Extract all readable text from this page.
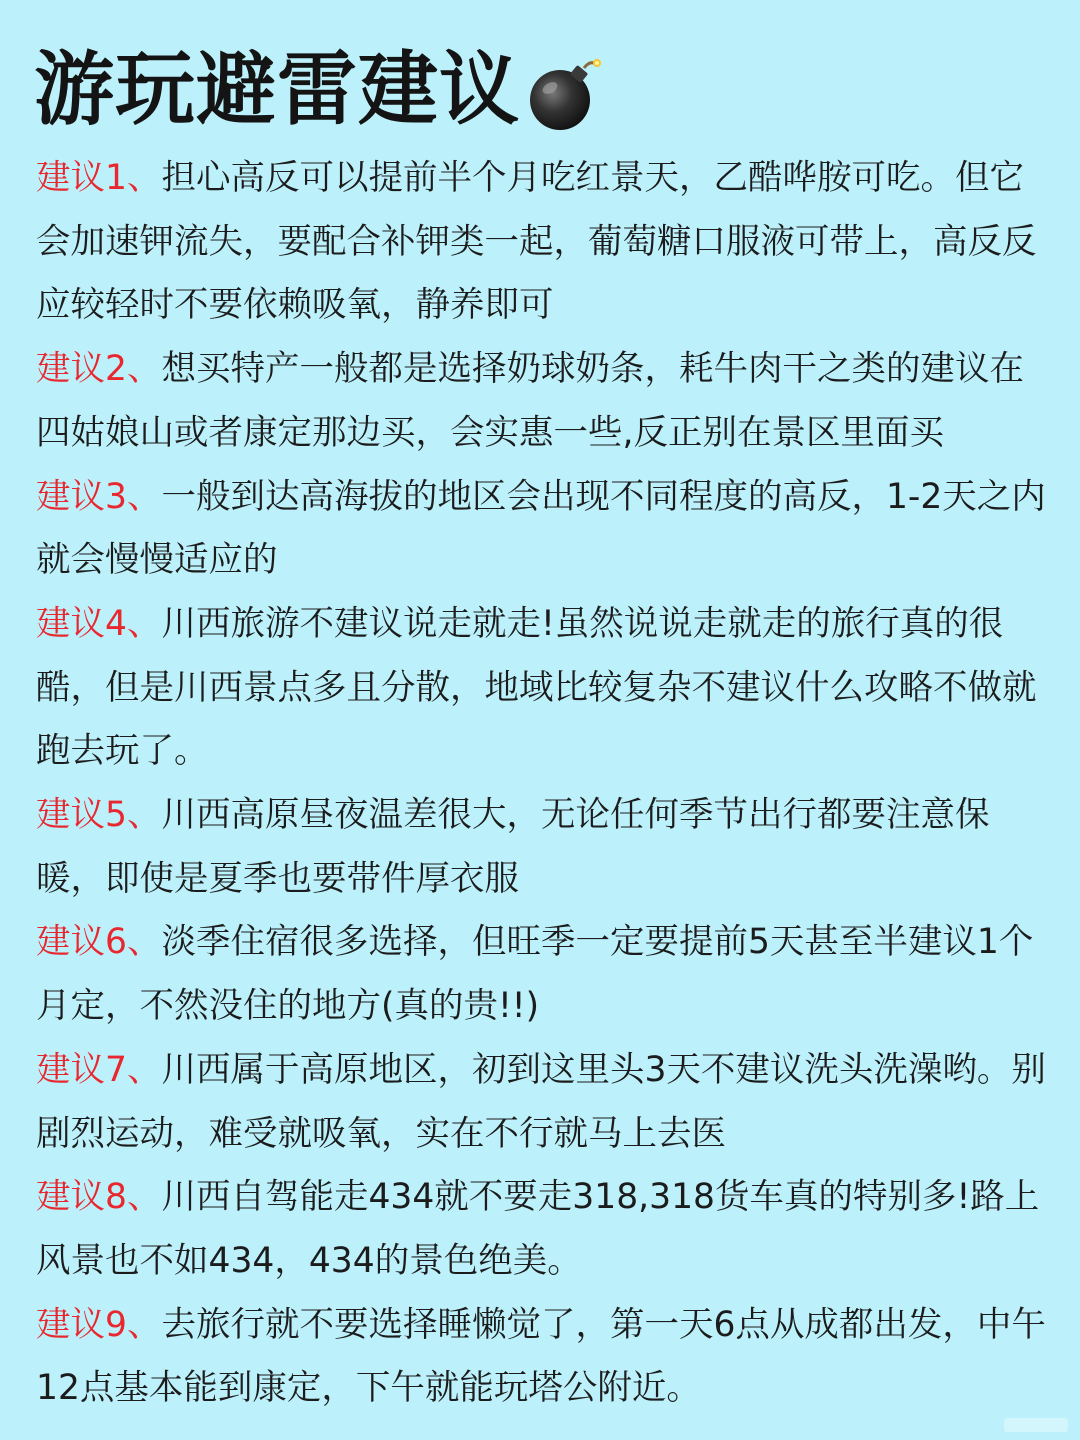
游玩避雷建议

建议1、担心高反可以提前半个月吃红景天，乙酷哗胺可吃。但它会加速钾流失，要配合补钾类一起，葡萄糖口服液可带上，高反反应较轻时不要依赖吸氧，静养即可

建议2、想买特产一般都是选择奶球奶条，耗牛肉干之类的建议在四姑娘山或者康定那边买，会实惠一些,反正别在景区里面买

建议3、一般到达高海拔的地区会出现不同程度的高反，1-2天之内就会慢慢适应的

建议4、川西旅游不建议说走就走!虽然说说走就走的旅行真的很酷，但是川西景点多且分散，地域比较复杂不建议什么攻略不做就跑去玩了。

建议5、川西高原昼夜温差很大，无论任何季节出行都要注意保暖，即使是夏季也要带件厚衣服

建议6、淡季住宿很多选择，但旺季一定要提前5天甚至半建议1个月定，不然没住的地方(真的贵!!)

建议7、川西属于高原地区，初到这里头3天不建议洗头洗澡哟。别剧烈运动，难受就吸氧，实在不行就马上去医

建议8、川西自驾能走434就不要走318,318货车真的特别多!路上风景也不如434，434的景色绝美。

建议9、去旅行就不要选择睡懒觉了，第一天6点从成都出发，中午12点基本能到康定，下午就能玩塔公附近。
